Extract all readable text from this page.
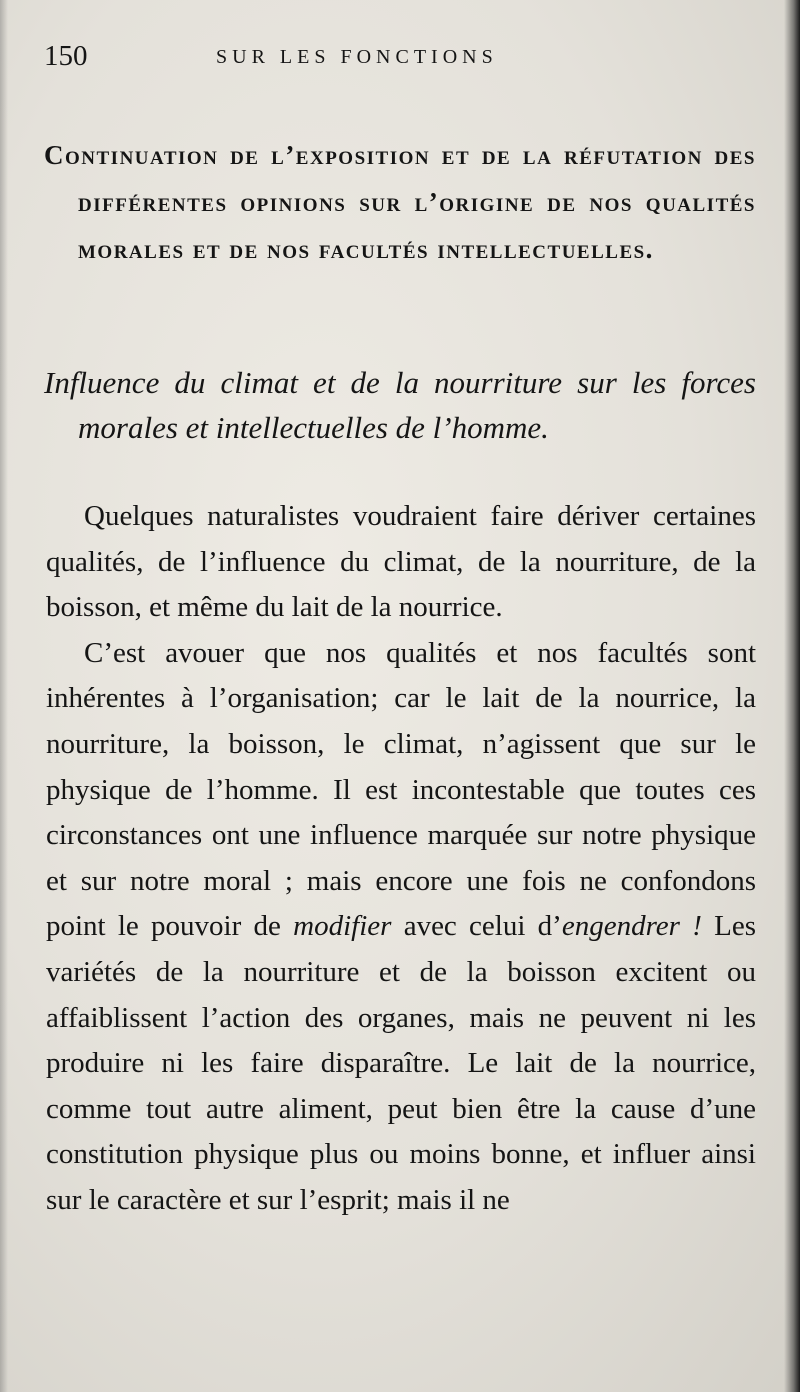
150	SUR LES FONCTIONS
Continuation de l’exposition et de la réfutation des différentes opinions sur l’origine de nos qualités morales et de nos facultés intellectuelles.
Influence du climat et de la nourriture sur les forces morales et intellectuelles de l’homme.

Quelques naturalistes voudraient faire dériver certaines qualités, de l’influence du climat, de la nourriture, de la boisson, et même du lait de la nourrice.

C’est avouer que nos qualités et nos facultés sont inhérentes à l’organisation; car le lait de la nourrice, la nourriture, la boisson, le climat, n’agissent que sur le physique de l’homme. Il est incontestable que toutes ces circonstances ont une influence marquée sur notre physique et sur notre moral ; mais encore une fois ne confondons point le pouvoir de modifier avec celui d’engendrer ! Les variétés de la nourriture et de la boisson excitent ou affaiblissent l’action des organes, mais ne peuvent ni les produire ni les faire disparaître. Le lait de la nourrice, comme tout autre aliment, peut bien être la cause d’une constitution physique plus ou moins bonne, et influer ainsi sur le caractère et sur l’esprit; mais il ne
